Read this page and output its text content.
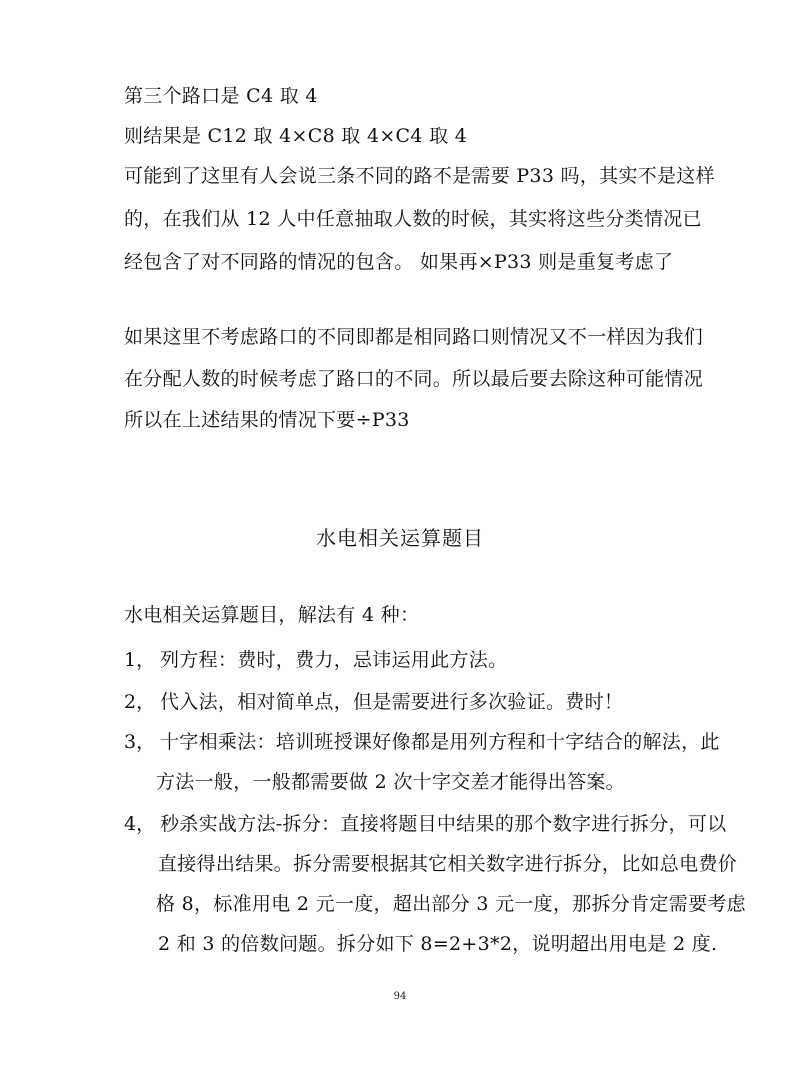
第三个路口是 C4 取 4
则结果是 C12 取 4×C8 取 4×C4 取 4
可能到了这里有人会说三条不同的路不是需要 P33 吗，其实不是这样
的，在我们从 12 人中任意抽取人数的时候，其实将这些分类情况已
经包含了对不同路的情况的包含。 如果再×P33 则是重复考虑了
如果这里不考虑路口的不同即都是相同路口则情况又不一样因为我们
在分配人数的时候考虑了路口的不同。所以最后要去除这种可能情况
所以在上述结果的情况下要÷P33
水电相关运算题目
水电相关运算题目，解法有 4 种：
1， 列方程：费时，费力，忌讳运用此方法。
2， 代入法，相对简单点，但是需要进行多次验证。费时！
3， 十字相乘法：培训班授课好像都是用列方程和十字结合的解法，此
方法一般，一般都需要做 2 次十字交差才能得出答案。
4， 秒杀实战方法-拆分：直接将题目中结果的那个数字进行拆分，可以
直接得出结果。拆分需要根据其它相关数字进行拆分，比如总电费价
格 8，标准用电 2 元一度，超出部分 3 元一度，那拆分肯定需要考虑
2 和 3 的倍数问题。拆分如下 8=2+3*2，说明超出用电是 2 度.
94
